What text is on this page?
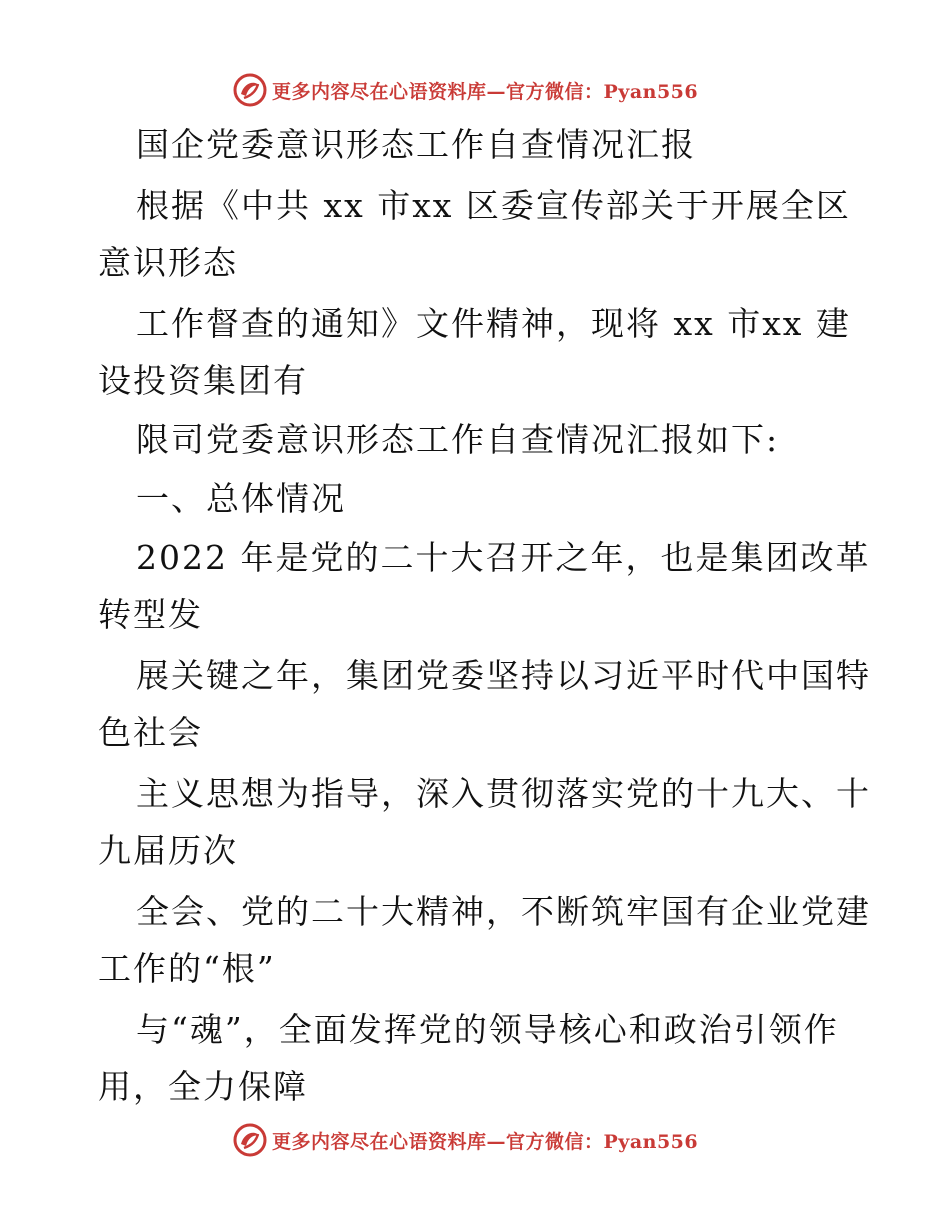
更多内容尽在心语资料库—官方微信：Pyan556
国企党委意识形态工作自查情况汇报
根据《中共 xx 市xx 区委宣传部关于开展全区
意识形态
工作督查的通知》文件精神，现将 xx 市xx 建
设投资集团有
限司党委意识形态工作自查情况汇报如下:
一、总体情况
2022 年是党的二十大召开之年，也是集团改革
转型发
展关键之年，集团党委坚持以习近平时代中国特
色社会
主义思想为指导，深入贯彻落实党的十九大、十
九届历次
全会、党的二十大精神，不断筑牢国有企业党建
工作的“根”
与“魂”，全面发挥党的领导核心和政治引领作
用，全力保障
更多内容尽在心语资料库—官方微信：Pyan556
